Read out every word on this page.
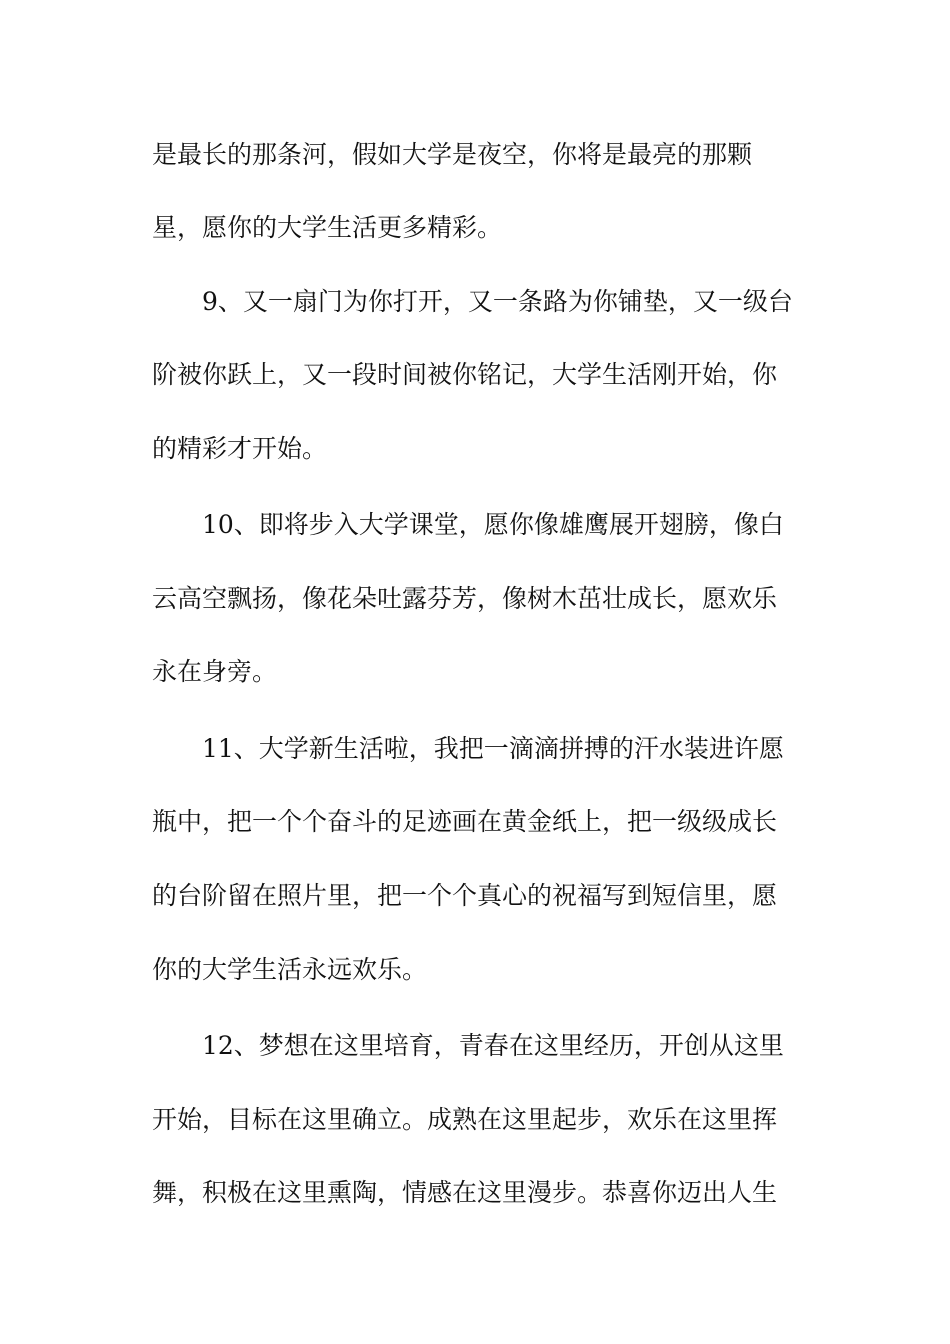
是最长的那条河，假如大学是夜空，你将是最亮的那颗
星，愿你的大学生活更多精彩。
9、又一扇门为你打开，又一条路为你铺垫，又一级台
阶被你跃上，又一段时间被你铭记，大学生活刚开始，你
的精彩才开始。
10、即将步入大学课堂，愿你像雄鹰展开翅膀，像白
云高空飘扬，像花朵吐露芬芳，像树木茁壮成长，愿欢乐
永在身旁。
11、大学新生活啦，我把一滴滴拼搏的汗水装进许愿
瓶中，把一个个奋斗的足迹画在黄金纸上，把一级级成长
的台阶留在照片里，把一个个真心的祝福写到短信里，愿
你的大学生活永远欢乐。
12、梦想在这里培育，青春在这里经历，开创从这里
开始，目标在这里确立。成熟在这里起步，欢乐在这里挥
舞，积极在这里熏陶，情感在这里漫步。恭喜你迈出人生
